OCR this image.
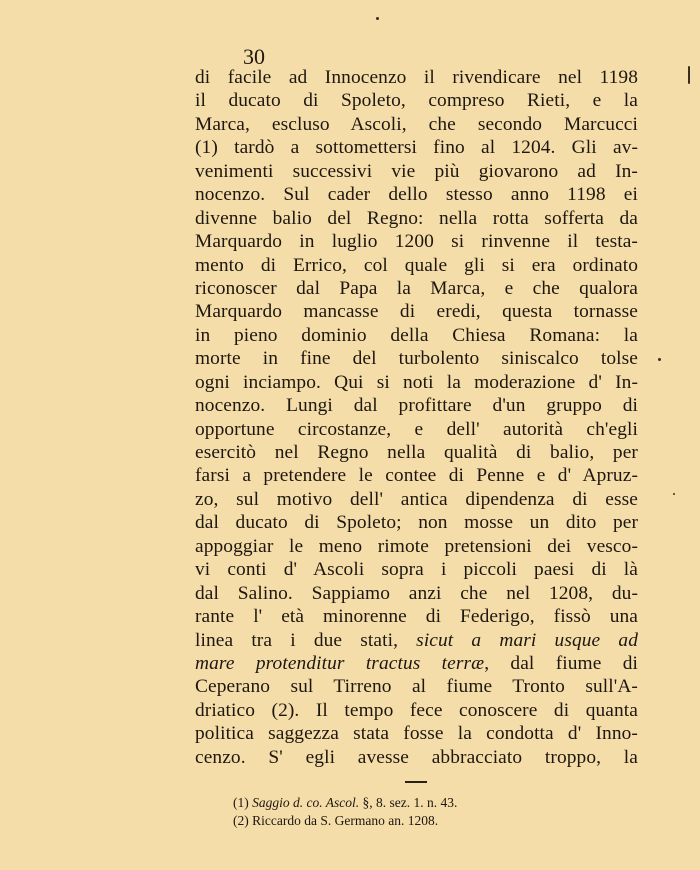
30
di facile ad Innocenzo il rivendicare nel 1198
il ducato di Spoleto, compreso Rieti, e la
Marca, escluso Ascoli, che secondo Marcucci
(1) tardò a sottomettersi fino al 1204. Gli av-
venimenti successivi vie più giovarono ad In-
nocenzo. Sul cader dello stesso anno 1198 ei
divenne balio del Regno: nella rotta sofferta da
Marquardo in luglio 1200 si rinvenne il testa-
mento di Errico, col quale gli si era ordinato
riconoscer dal Papa la Marca, e che qualora
Marquardo mancasse di eredi, questa tornasse
in pieno dominio della Chiesa Romana: la
morte in fine del turbolento siniscalco tolse
ogni inciampo. Qui si noti la moderazione d' In-
nocenzo. Lungi dal profittare d'un gruppo di
opportune circostanze, e dell' autorità ch'egli
esercitò nel Regno nella qualità di balio, per
farsi a pretendere le contee di Penne e d' Apruz-
zo, sul motivo dell' antica dipendenza di esse
dal ducato di Spoleto; non mosse un dito per
appoggiar le meno rimote pretensioni dei vesco-
vi conti d' Ascoli sopra i piccoli paesi di là
dal Salino. Sappiamo anzi che nel 1208, du-
rante l' età minorenne di Federigo, fissò una
linea tra i due stati, sicut a mari usque ad
mare protenditur tractus terræ, dal fiume di
Ceperano sul Tirreno al fiume Tronto sull'A-
driatico (2). Il tempo fece conoscere di quanta
politica saggezza stata fosse la condotta d' Inno-
cenzo. S' egli avesse abbracciato troppo, la
(1) Saggio d. co. Ascol. §, 8. sez. 1. n. 43.
(2) Riccardo da S. Germano an. 1208.
